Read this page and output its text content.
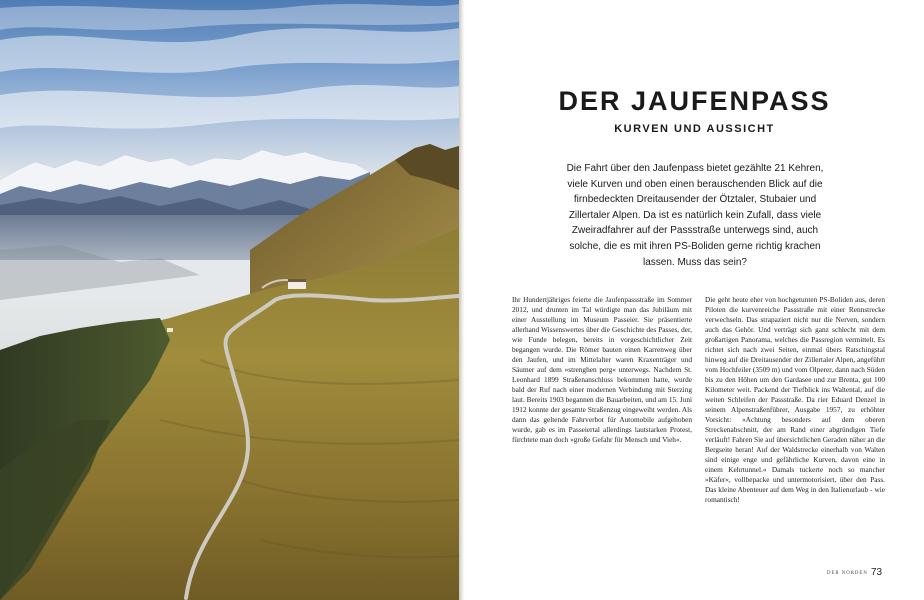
DER JAUFENPASS
KURVEN UND AUSSICHT

Die Fahrt über den Jaufenpass bietet gezählte 21 Kehren, viele Kurven und oben einen berauschenden Blick auf die firnbedeckten Dreitausender der Ötztaler, Stubaier und Zillertaler Alpen. Da ist es natürlich kein Zufall, dass viele Zweiradfahrer auf der Passstraße unterwegs sind, auch solche, die es mit ihren PS-Boliden gerne richtig krachen lassen. Muss das sein?

Ihr Hundertjähriges feierte die Jaufenpassstraße im Sommer 2012, und drunten im Tal würdigte man das Jubiläum mit einer Ausstellung im Museum Passeier. Sie präsentierte allerhand Wissenswertes über die Geschichte des Passes, der, wie Funde belegen, bereits in vorgeschichtlicher Zeit begangen wurde. Die Römer bauten einen Karrenweg über den Jaufen, und im Mittelalter waren Kraxenträger und Säumer auf dem »strenghen perg« unterwegs. Nachdem St. Leonhard 1899 Straßenanschluss bekommen hatte, wurde bald der Ruf nach einer modernen Verbindung mit Sterzing laut. Bereits 1903 begannen die Bauarbeiten, und am 15. Juni 1912 konnte der gesamte Straßenzug eingeweiht werden. Als dann das geltende Fahrverbot für Automobile aufgehoben wurde, gab es im Passeiertal allerdings lautstarken Protest, fürchtete man doch »große Gefahr für Mensch und Vieh«.

Die geht heute eher von hochgetunten PS-Boliden aus, deren Piloten die kurvenreiche Passstraße mit einer Rennstrecke verwechseln. Das strapaziert nicht nur die Nerven, sondern auch das Gehör. Und verträgt sich ganz schlecht mit dem großartigen Panorama, welches die Passregion vermittelt. Es richtet sich nach zwei Seiten, einmal übers Ratschingstal hinweg auf die Dreitausender der Zillertaler Alpen, angeführt vom Hochfeiler (3509 m) und vom Olperer, dann nach Süden bis zu den Höhen um den Gardasee und zur Brenta, gut 100 Kilometer weit. Packend der Tiefblick ins Waltental, auf die weiten Schleifen der Passstraße. Da rier Eduard Denzel in seinem Alpenstraßenführer, Ausgabe 1957, zu erhöhter Vorsicht: »Achtung besonders auf dem oberen Streckenabschnitt, der am Rand einer abgründigen Tiefe verläuft! Fahren Sie auf übersichtlichen Geraden näher an die Bergseite heran! Auf der Waldstrecke einerhalb von Walten sind einige enge und gefährliche Kurven, davon eine in einem Kehrtunnel.« Damals tuckerte noch so mancher »Käfer«, vollbepacke und untermotorisiert, über den Pass. Das kleine Abenteuer auf dem Weg in den Italienurlaub - wie romantisch!

DER NORDEN 73
